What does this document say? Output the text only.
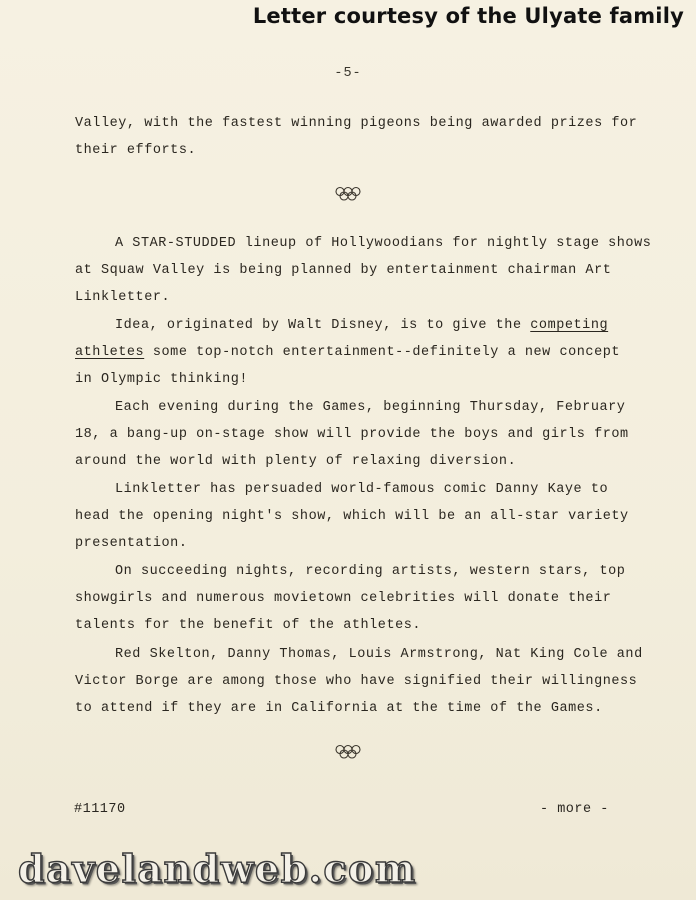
Letter courtesy of the Ulyate family
-5-
Valley, with the fastest winning pigeons being awarded prizes for
their efforts.
A STAR-STUDDED lineup of Hollywoodians for nightly stage shows
at Squaw Valley is being planned by entertainment chairman Art
Linkletter.
Idea, originated by Walt Disney, is to give the competing
athletes some top-notch entertainment--definitely a new concept
in Olympic thinking!
Each evening during the Games, beginning Thursday, February
18, a bang-up on-stage show will provide the boys and girls from
around the world with plenty of relaxing diversion.
Linkletter has persuaded world-famous comic Danny Kaye to
head the opening night's show, which will be an all-star variety
presentation.
On succeeding nights, recording artists, western stars, top
showgirls and numerous movietown celebrities will donate their
talents for the benefit of the athletes.
Red Skelton, Danny Thomas, Louis Armstrong, Nat King Cole and
Victor Borge are among those who have signified their willingness
to attend if they are in California at the time of the Games.
#11170	- more -
davelandweb.com
